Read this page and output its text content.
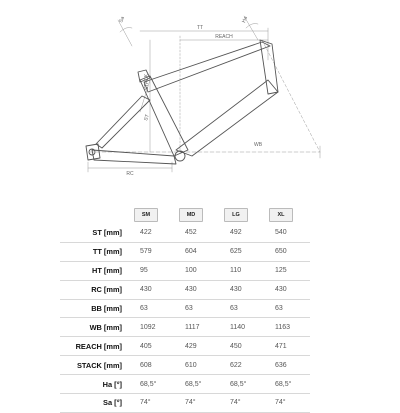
TT
REACH
STACK
ST
WB
RC
Sa	Ha
	SM	MD	LG	XL
ST [mm]	422	452	492	540
TT [mm]	579	604	625	650
HT [mm]	95	100	110	125
RC [mm]	430	430	430	430
BB [mm]	63	63	63	63
WB [mm]	1092	1117	1140	1163
REACH [mm]	405	429	450	471
STACK [mm]	608	610	622	636
Ha [°]	68,5°	68,5°	68,5°	68,5°
Sa [°]	74°	74°	74°	74°
